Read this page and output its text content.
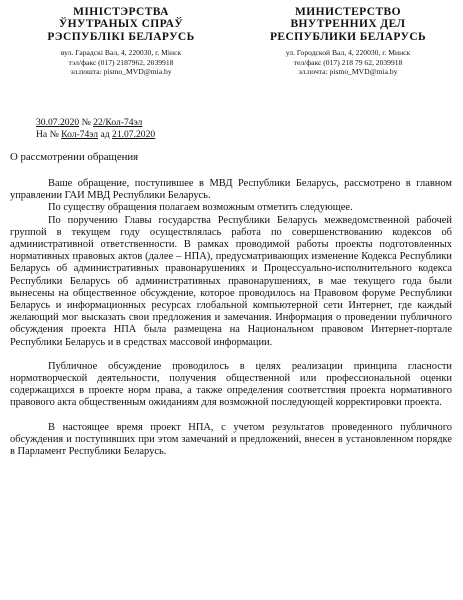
МІНІСТЭРСТВА
ЎНУТРАНЫХ СПРАЎ
РЭСПУБЛІКІ БЕЛАРУСЬ
вул. Гарадскі Вал, 4, 220030, г. Мінск
тэл/факс (017) 2187962, 2039918
эл.пошта: pismo_MVD@mia.by
МИНИСТЕРСТВО
ВНУТРЕННИХ ДЕЛ
РЕСПУБЛИКИ БЕЛАРУСЬ
ул. Городской Вал, 4, 220030, г. Минск
тел/факс (017) 218 79 62, 2039918
эл.почта: pismo_MVD@mia.by
30.07.2020 № 22/Кол-74эл
На № Кол-74эл ад 21.07.2020
О рассмотрении обращения

Ваше обращение, поступившее в МВД Республики Беларусь, рассмотрено в главном управлении ГАИ МВД Республики Беларусь.

По существу обращения полагаем возможным отметить следующее.

По поручению Главы государства Республики Беларусь межведомственной рабочей группой в текущем году осуществлялась работа по совершенствованию кодексов об административной ответственности. В рамках проводимой работы проекты подготовленных нормативных правовых актов (далее – НПА), предусматривающих изменение Кодекса Республики Беларусь об административных правонарушениях и Процессуально-исполнительного кодекса Республики Беларусь об административных правонарушениях, в мае текущего года были вынесены на общественное обсуждение, которое проводилось на Правовом форуме Республики Беларусь и информационных ресурсах глобальной компьютерной сети Интернет, где каждый желающий мог высказать свои предложения и замечания. Информация о проведении публичного обсуждения проекта НПА была размещена на Национальном правовом Интернет-портале Республики Беларусь и в средствах массовой информации.

Публичное обсуждение проводилось в целях реализации принципа гласности нормотворческой деятельности, получения общественной или профессиональной оценки содержащихся в проекте норм права, а также определения соответствия проекта нормативного правового акта общественным ожиданиям для возможной последующей корректировки проекта.

В настоящее время проект НПА, с учетом результатов проведенного публичного обсуждения и поступивших при этом замечаний и предложений, внесен в установленном порядке в Парламент Республики Беларусь.
